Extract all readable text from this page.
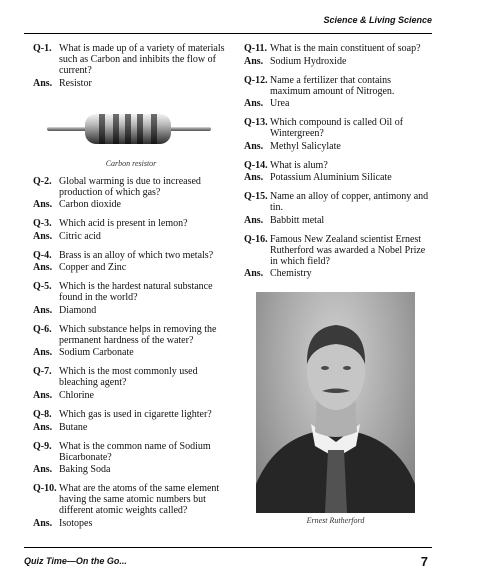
Science & Living Science
Q-1. What is made up of a variety of materials such as Carbon and inhibits the flow of current?
Ans. Resistor
Carbon resistor
Q-2. Global warming is due to increased production of which gas?
Ans. Carbon dioxide
Q-3. Which acid is present in lemon?
Ans. Citric acid
Q-4. Brass is an alloy of which two metals?
Ans. Copper and Zinc
Q-5. Which is the hardest natural substance found in the world?
Ans. Diamond
Q-6. Which substance helps in removing the permanent hardness of the water?
Ans. Sodium Carbonate
Q-7. Which is the most commonly used bleaching agent?
Ans. Chlorine
Q-8. Which gas is used in cigarette lighter?
Ans. Butane
Q-9. What is the common name of Sodium Bicarbonate?
Ans. Baking Soda
Q-10. What are the atoms of the same element having the same atomic numbers but different atomic weights called?
Ans. Isotopes
Q-11. What is the main constituent of soap?
Ans. Sodium Hydroxide
Q-12. Name a fertilizer that contains maximum amount of Nitrogen.
Ans. Urea
Q-13. Which compound is called Oil of Wintergreen?
Ans. Methyl Salicylate
Q-14. What is alum?
Ans. Potassium Aluminium Silicate
Q-15. Name an alloy of copper, antimony and tin.
Ans. Babbitt metal
Q-16. Famous New Zealand scientist Ernest Rutherford was awarded a Nobel Prize in which field?
Ans. Chemistry
Ernest Rutherford
Quiz Time—On the Go...	7
